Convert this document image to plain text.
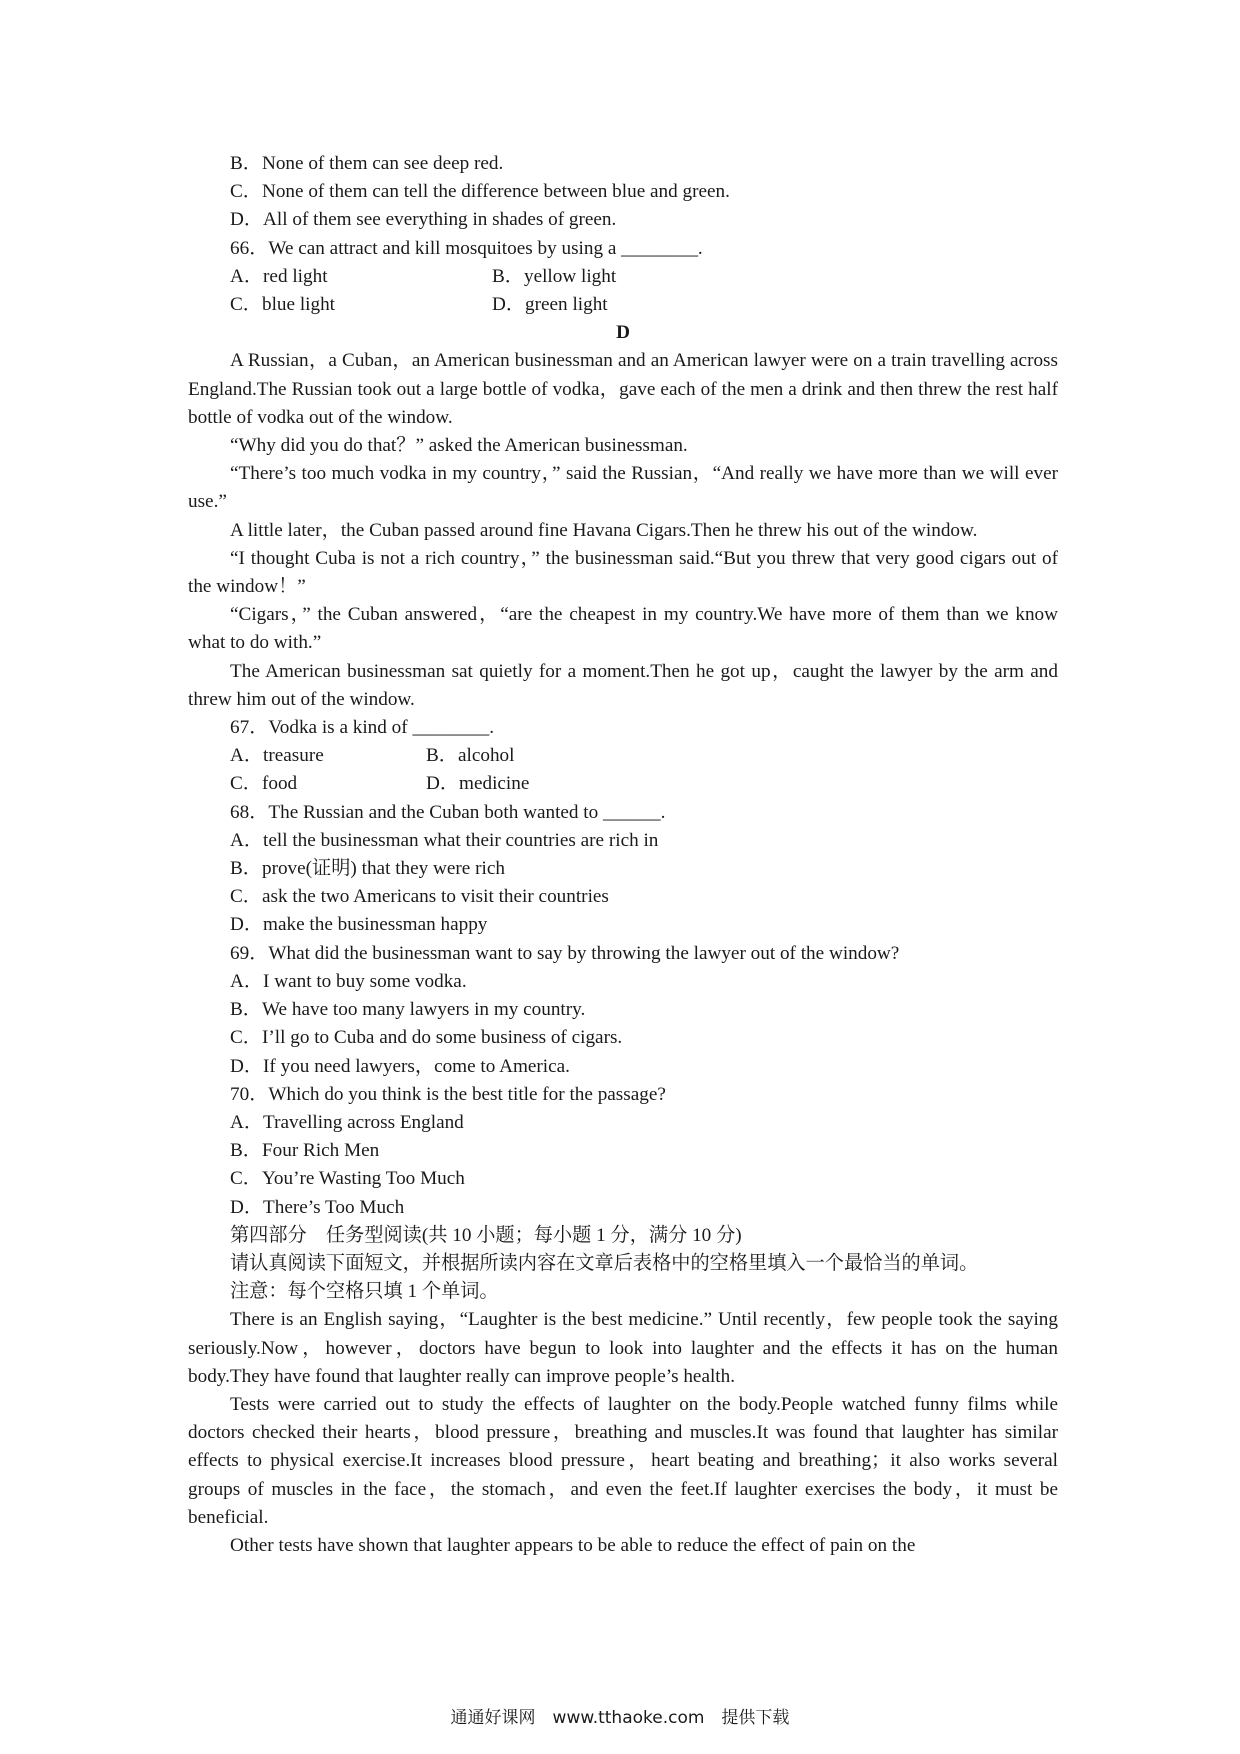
B．None of them can see deep red.

C．None of them can tell the difference between blue and green.

D．All of them see everything in shades of green.

66．We can attract and kill mosquitoes by using a ________.

A．red light	B．yellow light
C．blue light	D．green light

D

A Russian，a Cuban，an American businessman and an American lawyer were on a train travelling across England.The Russian took out a large bottle of vodka，gave each of the men a drink and then threw the rest half bottle of vodka out of the window.

“Why did you do that？” asked the American businessman.

“There’s too much vodka in my country，” said the Russian，“And really we have more than we will ever use.”

A little later，the Cuban passed around fine Havana Cigars.Then he threw his out of the window.

“I thought Cuba is not a rich country，” the businessman said.“But you threw that very good cigars out of the window！”

“Cigars，” the Cuban answered，“are the cheapest in my country.We have more of them than we know what to do with.”

The American businessman sat quietly for a moment.Then he got up，caught the lawyer by the arm and threw him out of the window.

67．Vodka is a kind of ________.

A．treasure	B．alcohol
C．food	D．medicine

68．The Russian and the Cuban both wanted to ______.

A．tell the businessman what their countries are rich in

B．prove(证明) that they were rich

C．ask the two Americans to visit their countries

D．make the businessman happy

69．What did the businessman want to say by throwing the lawyer out of the window?

A．I want to buy some vodka.

B．We have too many lawyers in my country.

C．I’ll go to Cuba and do some business of cigars.

D．If you need lawyers，come to America.

70．Which do you think is the best title for the passage?

A．Travelling across England

B．Four Rich Men

C．You’re Wasting Too Much

D．There’s Too Much

第四部分　任务型阅读(共 10 小题；每小题 1 分，满分 10 分)

请认真阅读下面短文，并根据所读内容在文章后表格中的空格里填入一个最恰当的单词。

注意：每个空格只填 1 个单词。

There is an English saying，“Laughter is the best medicine.” Until recently，few people took the saying seriously.Now，however，doctors have begun to look into laughter and the effects it has on the human body.They have found that laughter really can improve people’s health.

Tests were carried out to study the effects of laughter on the body.People watched funny films while doctors checked their hearts，blood pressure，breathing and muscles.It was found that laughter has similar effects to physical exercise.It increases blood pressure，heart beating and breathing；it also works several groups of muscles in the face，the stomach，and even the feet.If laughter exercises the body，it must be beneficial.

Other tests have shown that laughter appears to be able to reduce the effect of pain on the

通通好课网　www.tthaoke.com　提供下载
